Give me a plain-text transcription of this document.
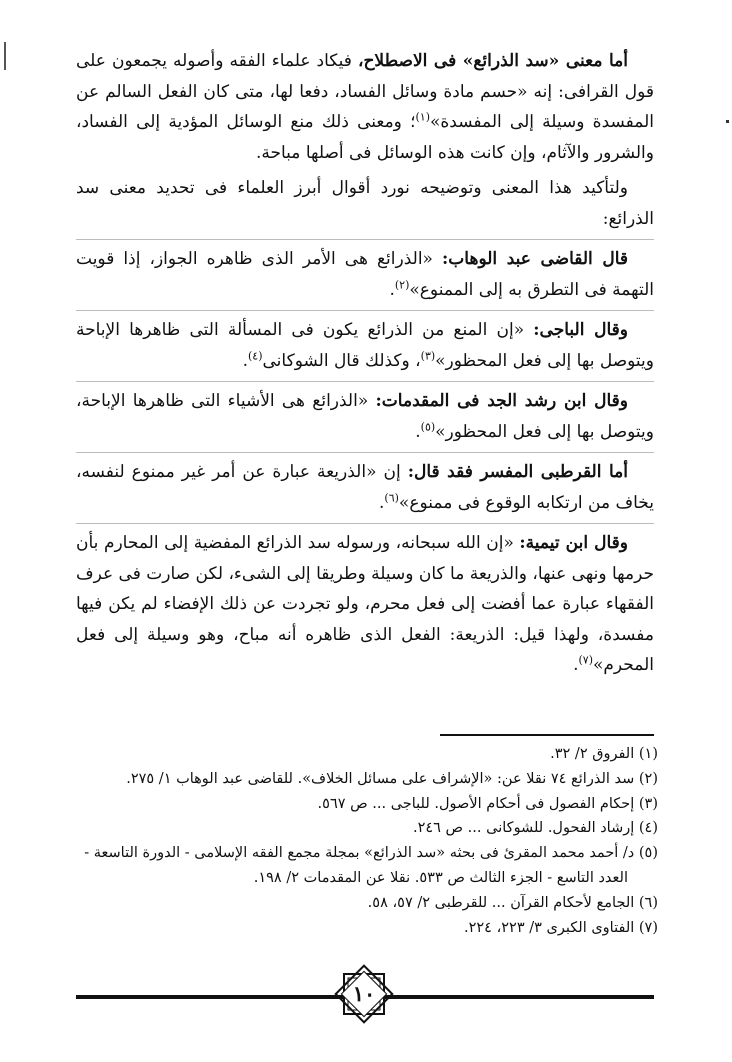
أما معنى «سد الذرائع» فى الاصطلاح، فيكاد علماء الفقه وأصوله يجمعون على قول القرافى: إنه «حسم مادة وسائل الفساد، دفعا لها، متى كان الفعل السالم عن المفسدة وسيلة إلى المفسدة»$^{(١)}$؛ ومعنى ذلك منع الوسائل المؤدية إلى الفساد، والشرور والآثام، وإن كانت هذه الوسائل فى أصلها مباحة.

ولتأكيد هذا المعنى وتوضيحه نورد أقوال أبرز العلماء فى تحديد معنى سد الذرائع:

قال القاضى عبد الوهاب: «الذرائع هى الأمر الذى ظاهره الجواز، إذا قويت التهمة فى التطرق به إلى الممنوع»$^{(٢)}$.

وقال الباجى: «إن المنع من الذرائع يكون فى المسألة التى ظاهرها الإباحة ويتوصل بها إلى فعل المحظور»$^{(٣)}$، وكذلك قال الشوكانى$^{(٤)}$.

وقال ابن رشد الجد فى المقدمات: «الذرائع هى الأشياء التى ظاهرها الإباحة، ويتوصل بها إلى فعل المحظور»$^{(٥)}$.

أما القرطبى المفسر فقد قال: إن «الذريعة عبارة عن أمر غير ممنوع لنفسه، يخاف من ارتكابه الوقوع فى ممنوع»$^{(٦)}$.

وقال ابن تيمية: «إن الله سبحانه، ورسوله سد الذرائع المفضية إلى المحارم بأن حرمها ونهى عنها، والذريعة ما كان وسيلة وطريقا إلى الشىء، لكن صارت فى عرف الفقهاء عبارة عما أفضت إلى فعل محرم، ولو تجردت عن ذلك الإفضاء لم يكن فيها مفسدة، ولهذا قيل: الذريعة: الفعل الذى ظاهره أنه مباح، وهو وسيلة إلى فعل المحرم»$^{(٧)}$.

(١) الفروق ٢/ ٣٢.

(٢) سد الذرائع ٧٤ نقلا عن: «الإشراف على مسائل الخلاف». للقاضى عبد الوهاب ١/ ٢٧٥.

(٣) إحكام الفصول فى أحكام الأصول. للباجى ... ص ٥٦٧.

(٤) إرشاد الفحول. للشوكانى ... ص ٢٤٦.

(٥) د/ أحمد محمد المقرئ فى بحثه «سد الذرائع» بمجلة مجمع الفقه الإسلامى - الدورة التاسعة -

العدد التاسع - الجزء الثالث ص ٥٣٣. نقلا عن المقدمات ٢/ ١٩٨.

(٦) الجامع لأحكام القرآن ... للقرطبى ٢/ ٥٧، ٥٨.

(٧) الفتاوى الكبرى ٣/ ٢٢٣، ٢٢٤.

١٠
